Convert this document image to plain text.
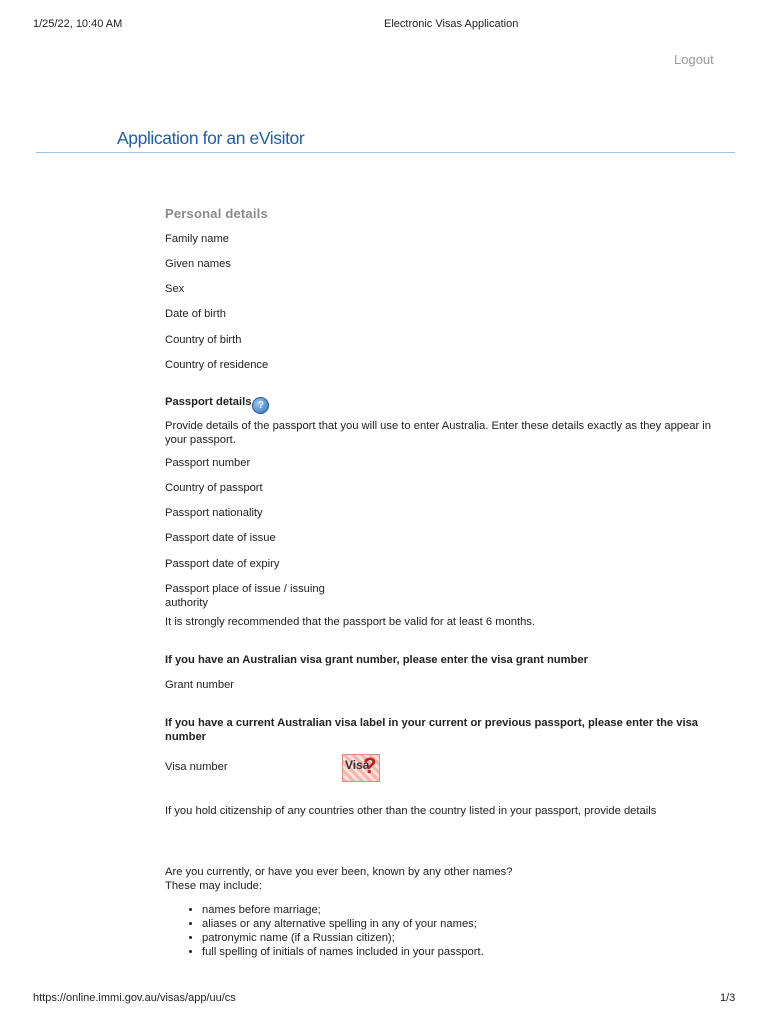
1/25/22, 10:40 AM	Electronic Visas Application
Logout
Application for an eVisitor
Personal details
Family name
Given names
Sex
Date of birth
Country of birth
Country of residence
Passport details ?
Provide details of the passport that you will use to enter Australia. Enter these details exactly as they appear in your passport.
Passport number
Country of passport
Passport nationality
Passport date of issue
Passport date of expiry
Passport place of issue / issuing
authority
It is strongly recommended that the passport be valid for at least 6 months.
If you have an Australian visa grant number, please enter the visa grant number
Grant number
If you have a current Australian visa label in your current or previous passport, please enter the visa number
Visa number	Visa
?
If you hold citizenship of any countries other than the country listed in your passport, provide details
Are you currently, or have you ever been, known by any other names?
These may include:
• names before marriage;
• aliases or any alternative spelling in any of your names;
• patronymic name (if a Russian citizen);
• full spelling of initials of names included in your passport.
https://online.immi.gov.au/visas/app/uu/cs	1/3
